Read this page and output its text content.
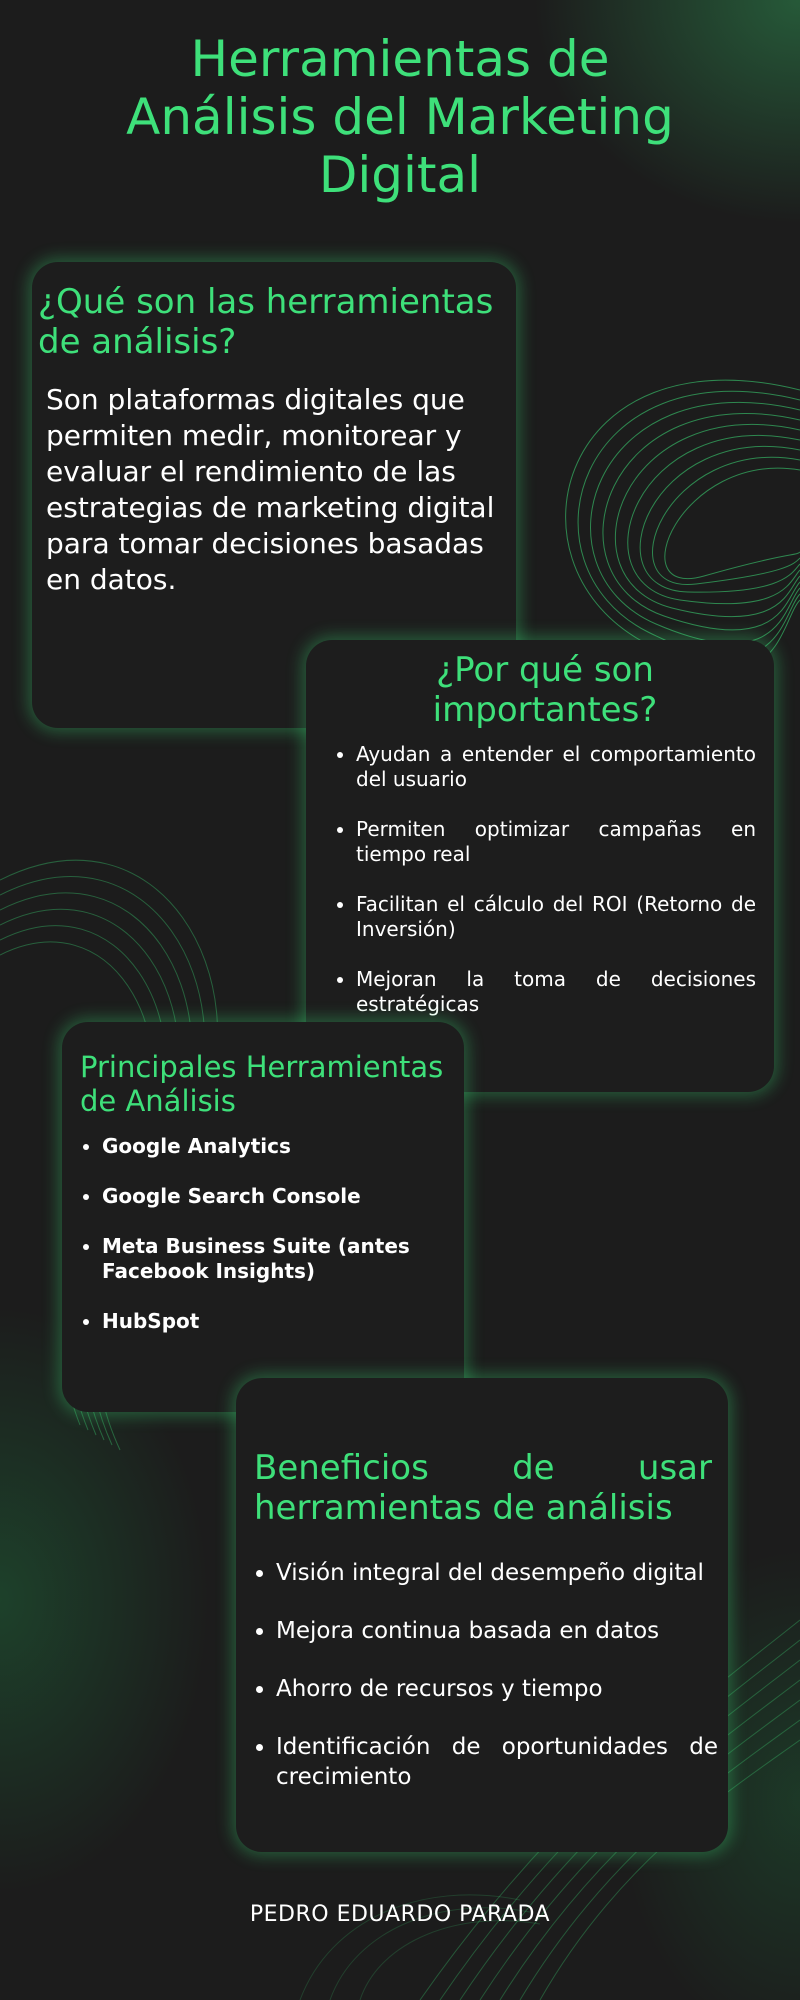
Herramientas de Análisis del Marketing Digital
¿Qué son las herramientas de análisis?

Son plataformas digitales que permiten medir, monitorear y evaluar el rendimiento de las estrategias de marketing digital para tomar decisiones basadas en datos.

¿Por qué son importantes?
• Ayudan a entender el comportamiento del usuario
• Permiten optimizar campañas en tiempo real
• Facilitan el cálculo del ROI (Retorno de Inversión)
• Mejoran la toma de decisiones estratégicas
Principales Herramientas de Análisis
• Google Analytics
• Google Search Console
• Meta Business Suite (antes Facebook Insights)
• HubSpot
Beneficios de usar
herramientas de análisis
• Visión integral del desempeño digital
• Mejora continua basada en datos
• Ahorro de recursos y tiempo
• Identificación de oportunidades de crecimiento

PEDRO EDUARDO PARADA
